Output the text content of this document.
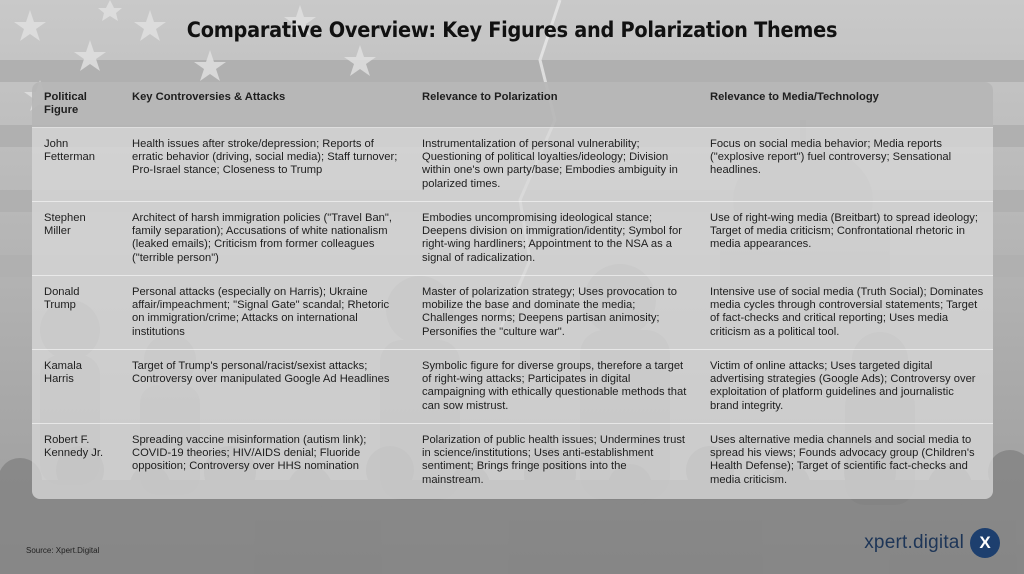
Comparative Overview: Key Figures and Polarization Themes
Political Figure	Key Controversies & Attacks	Relevance to Polarization	Relevance to Media/Technology
John Fetterman	Health issues after stroke/depression; Reports of erratic behavior (driving, social media); Staff turnover; Pro-Israel stance; Closeness to Trump	Instrumentalization of personal vulnerability; Questioning of political loyalties/ideology; Division within one's own party/base; Embodies ambiguity in polarized times.	Focus on social media behavior; Media reports ("explosive report") fuel controversy; Sensational headlines.
Stephen Miller	Architect of harsh immigration policies ("Travel Ban", family separation); Accusations of white nationalism (leaked emails); Criticism from former colleagues ("terrible person")	Embodies uncompromising ideological stance; Deepens division on immigration/identity; Symbol for right-wing hardliners; Appointment to the NSA as a signal of radicalization.	Use of right-wing media (Breitbart) to spread ideology; Target of media criticism; Confrontational rhetoric in media appearances.
Donald Trump	Personal attacks (especially on Harris); Ukraine affair/impeachment; "Signal Gate" scandal; Rhetoric on immigration/crime; Attacks on international institutions	Master of polarization strategy; Uses provocation to mobilize the base and dominate the media; Challenges norms; Deepens partisan animosity; Personifies the "culture war".	Intensive use of social media (Truth Social); Dominates media cycles through controversial statements; Target of fact-checks and critical reporting; Uses media criticism as a political tool.
Kamala Harris	Target of Trump's personal/racist/sexist attacks; Controversy over manipulated Google Ad Headlines	Symbolic figure for diverse groups, therefore a target of right-wing attacks; Participates in digital campaigning with ethically questionable methods that can sow mistrust.	Victim of online attacks; Uses targeted digital advertising strategies (Google Ads); Controversy over exploitation of platform guidelines and journalistic brand integrity.
Robert F. Kennedy Jr.	Spreading vaccine misinformation (autism link); COVID-19 theories; HIV/AIDS denial; Fluoride opposition; Controversy over HHS nomination	Polarization of public health issues; Undermines trust in science/institutions; Uses anti-establishment sentiment; Brings fringe positions into the mainstream.	Uses alternative media channels and social media to spread his views; Founds advocacy group (Children's Health Defense); Target of scientific fact-checks and media criticism.
Source: Xpert.Digital	xpert.digital X
